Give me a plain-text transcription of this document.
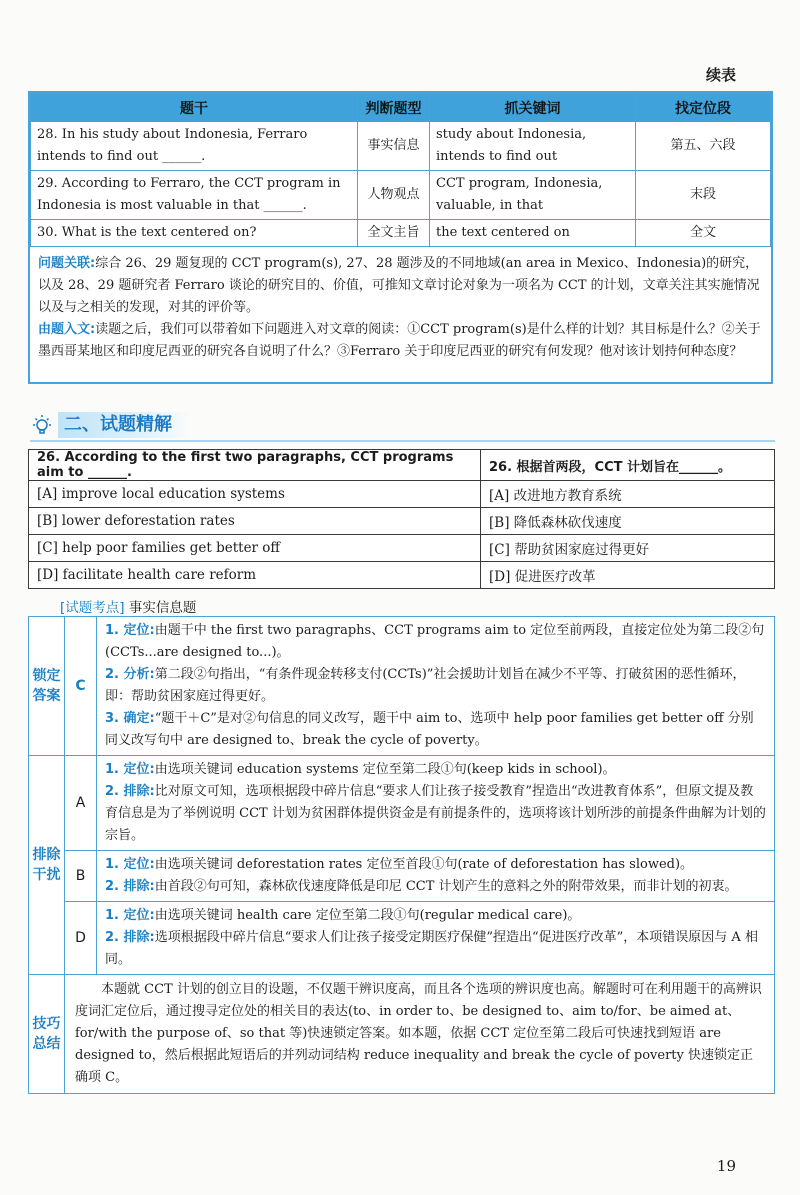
续表
题干	判断题型	抓关键词	找定位段
28. In his study about Indonesia, Ferraro intends to find out ______.	事实信息	study about Indonesia, intends to find out	第五、六段
29. According to Ferraro, the CCT program in Indonesia is most valuable in that ______.	人物观点	CCT program, Indonesia, valuable, in that	末段
30. What is the text centered on?	全文主旨	the text centered on	全文

问题关联:综合 26、29 题复现的 CCT program(s), 27、28 题涉及的不同地域(an area in Mexico、Indonesia)的研究，以及 28、29 题研究者 Ferraro 谈论的研究目的、价值，可推知文章讨论对象为一项名为 CCT 的计划，文章关注其实施情况以及与之相关的发现，对其的评价等。

由题入文:读题之后，我们可以带着如下问题进入对文章的阅读：①CCT program(s)是什么样的计划？其目标是什么？②关于墨西哥某地区和印度尼西亚的研究各自说明了什么？③Ferraro 关于印度尼西亚的研究有何发现？他对该计划持何种态度？

二、试题精解
26. According to the first two paragraphs, CCT programs aim to ______.	26. 根据首两段，CCT 计划旨在______。
[A] improve local education systems	[A] 改进地方教育系统
[B] lower deforestation rates	[B] 降低森林砍伐速度
[C] help poor families get better off	[C] 帮助贫困家庭过得更好
[D] facilitate health care reform	[D] 促进医疗改革
[试题考点] 事实信息题
锁定答案	C	1. 定位:由题干中 the first two paragraphs、CCT programs aim to 定位至前两段，直接定位处为第二段②句(CCTs...are designed to...)。
2. 分析:第二段②句指出，“有条件现金转移支付(CCTs)”社会援助计划旨在减少不平等、打破贫困的恶性循环，即：帮助贫困家庭过得更好。
3. 确定:“题干＋C”是对②句信息的同义改写，题干中 aim to、选项中 help poor families get better off 分别同义改写句中 are designed to、break the cycle of poverty。

排除干扰	A	1. 定位:由选项关键词 education systems 定位至第二段①句(keep kids in school)。
2. 排除:比对原文可知，选项根据段中碎片信息“要求人们让孩子接受教育”捏造出“改进教育体系”，但原文提及教育信息是为了举例说明 CCT 计划为贫困群体提供资金是有前提条件的，选项将该计划所涉的前提条件曲解为计划的宗旨。

	B	1. 定位:由选项关键词 deforestation rates 定位至首段①句(rate of deforestation has slowed)。
2. 排除:由首段②句可知，森林砍伐速度降低是印尼 CCT 计划产生的意料之外的附带效果，而非计划的初衷。

	D	1. 定位:由选项关键词 health care 定位至第二段①句(regular medical care)。
2. 排除:选项根据段中碎片信息“要求人们让孩子接受定期医疗保健”捏造出“促进医疗改革”，本项错误原因与 A 相同。

技巧总结	本题就 CCT 计划的创立目的设题，不仅题干辨识度高，而且各个选项的辨识度也高。解题时可在利用题干的高辨识度词汇定位后，通过搜寻定位处的相关目的表达(to、in order to、be designed to、aim to/for、be aimed at、for/with the purpose of、so that 等)快速锁定答案。如本题，依据 CCT 定位至第二段后可快速找到短语 are designed to，然后根据此短语后的并列动词结构 reduce inequality and break the cycle of poverty 快速锁定正确项 C。	
19
